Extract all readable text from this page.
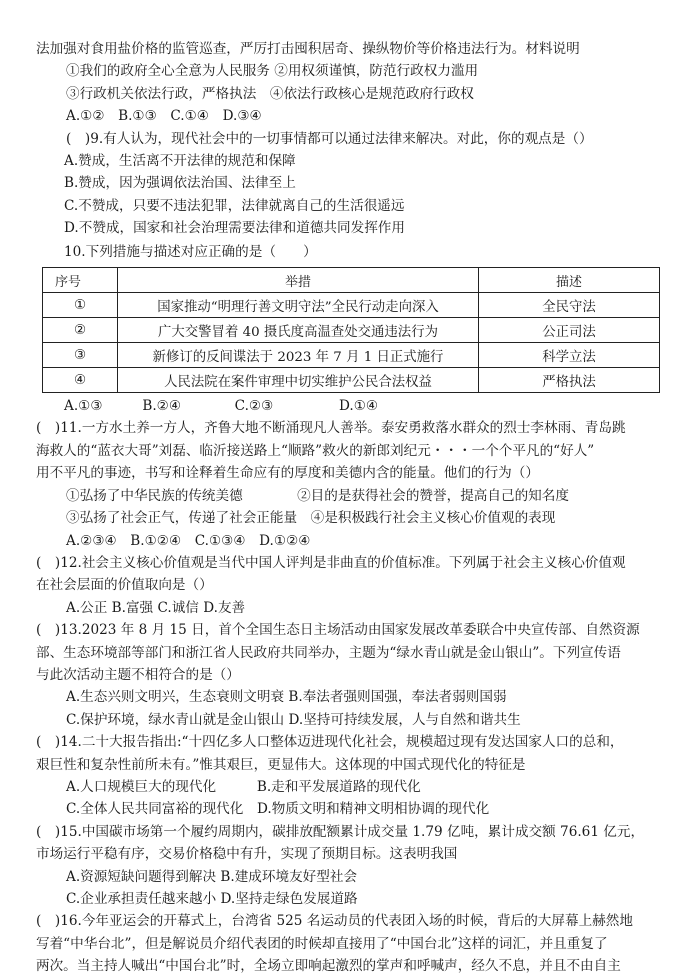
法加强对食用盐价格的监管巡查，严厉打击囤积居奇、操纵物价等价格违法行为。材料说明
①我们的政府全心全意为人民服务 ②用权须谨慎，防范行政权力滥用
③行政机关依法行政，严格执法　④依法行政核心是规范政府行政权
A.①②　B.①③　C.①④　D.③④
(　)9.有人认为，现代社会中的一切事情都可以通过法律来解决。对此，你的观点是（）
A.赞成，生活离不开法律的规范和保障
B.赞成，因为强调依法治国、法律至上
C.不赞成，只要不违法犯罪，法律就离自己的生活很遥远
D.不赞成，国家和社会治理需要法律和道德共同发挥作用
10.下列措施与描述对应正确的是（　　）
序号	举措	描述
①	国家推动“明理行善文明守法”全民行动走向深入	全民守法
②	广大交警冒着 40 摄氏度高温查处交通违法行为	公正司法
③	新修订的反间谍法于 2023 年 7 月 1 日正式施行	科学立法
④	人民法院在案件审理中切实维护公民合法权益	严格执法
A.①③	B.②④	C.②③	D.①④
(　)11.一方水土养一方人，齐鲁大地不断涌现凡人善举。泰安勇救落水群众的烈士李林雨、青岛跳
海救人的“蓝衣大哥”刘磊、临沂接送路上“顺路”救火的新郎刘纪元・・・一个个平凡的“好人”
用不平凡的事迹，书写和诠释着生命应有的厚度和美德内含的能量。他们的行为（）
①弘扬了中华民族的传统美德　　　　②目的是获得社会的赞誉，提高自己的知名度
③弘扬了社会正气，传递了社会正能量　④是积极践行社会主义核心价值观的表现
A.②③④　B.①②④　C.①③④　D.①②④
(　)12.社会主义核心价值观是当代中国人评判是非曲直的价值标准。下列属于社会主义核心价值观
在社会层面的价值取向是（）
A.公正 B.富强 C.诚信 D.友善
(　)13.2023 年 8 月 15 日，首个全国生态日主场活动由国家发展改革委联合中央宣传部、自然资源
部、生态环境部等部门和浙江省人民政府共同举办，主题为“绿水青山就是金山银山”。下列宣传语
与此次活动主题不相符合的是（）
A.生态兴则文明兴，生态衰则文明衰 B.奉法者强则国强，奉法者弱则国弱
C.保护环境，绿水青山就是金山银山 D.坚持可持续发展，人与自然和谐共生
(　)14.二十大报告指出:“十四亿多人口整体迈进现代化社会，规模超过现有发达国家人口的总和，
艰巨性和复杂性前所未有。”惟其艰巨，更显伟大。这体现的中国式现代化的特征是
A.人口规模巨大的现代化　　　B.走和平发展道路的现代化
C.全体人民共同富裕的现代化　D.物质文明和精神文明相协调的现代化
(　)15.中国碳市场第一个履约周期内，碳排放配额累计成交量 1.79 亿吨，累计成交额 76.61 亿元，
市场运行平稳有序，交易价格稳中有升，实现了预期目标。这表明我国
A.资源短缺问题得到解决 B.建成环境友好型社会
C.企业承担责任越来越小 D.坚持走绿色发展道路
(　)16.今年亚运会的开幕式上，台湾省 525 名运动员的代表团入场的时候，背后的大屏幕上赫然地
写着“中华台北”，但是解说员介绍代表团的时候却直接用了“中国台北”这样的词汇，并且重复了
两次。当主持人喊出“中国台北”时，全场立即响起激烈的掌声和呼喊声，经久不息，并且不由自主
